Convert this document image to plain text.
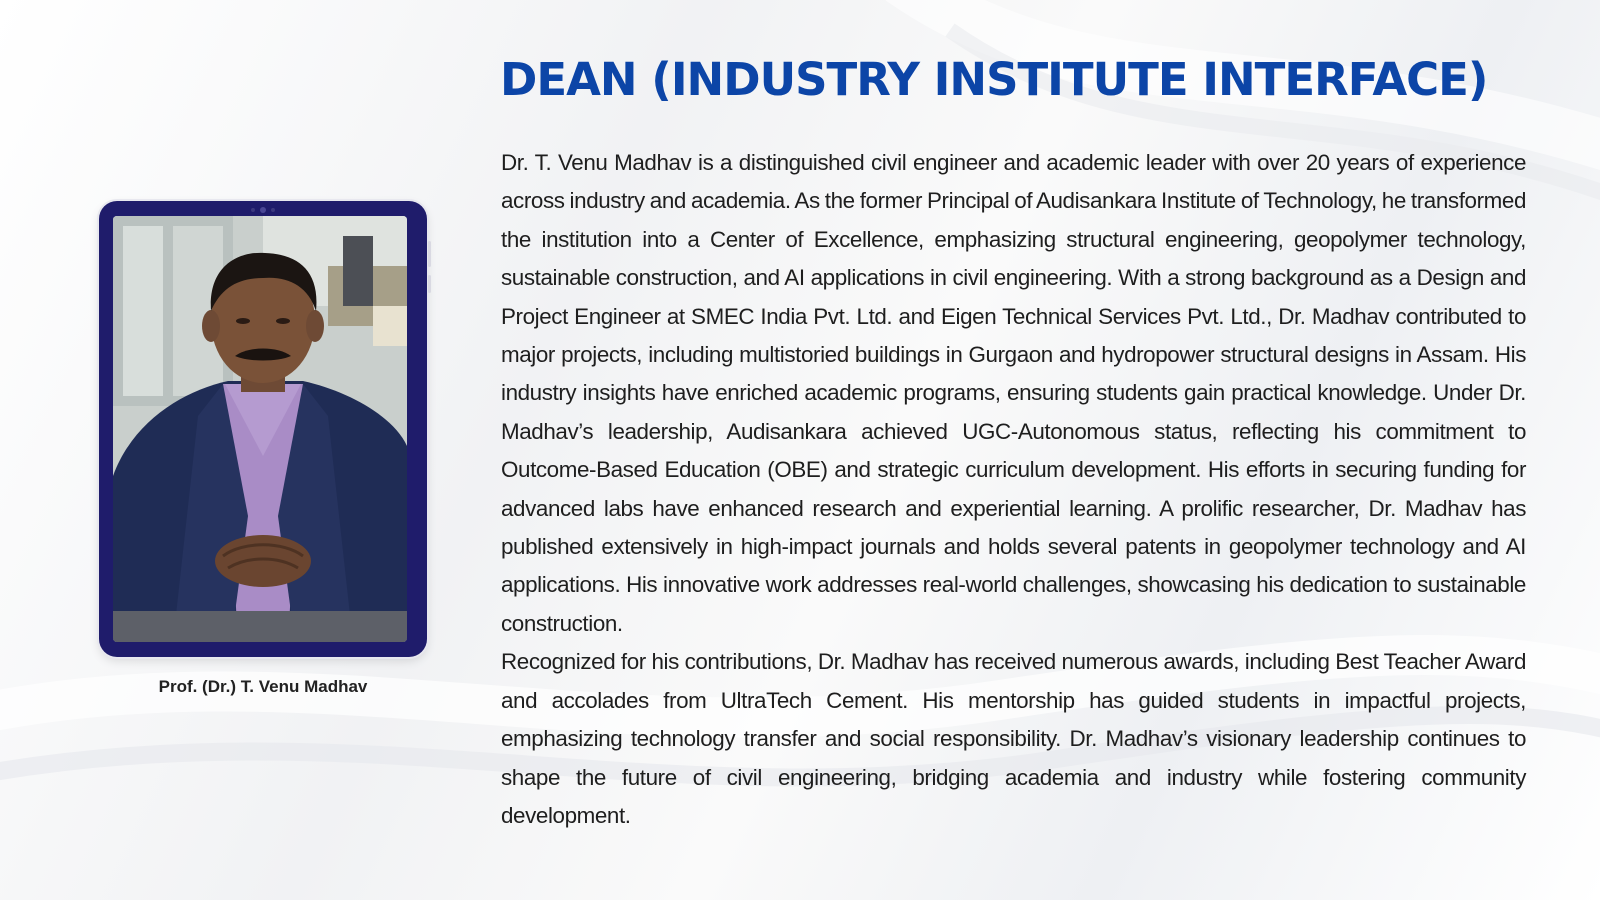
DEAN (INDUSTRY INSTITUTE INTERFACE)

Prof. (Dr.) T. Venu Madhav

Dr. T. Venu Madhav is a distinguished civil engineer and academic leader with over 20 years of experience across industry and academia. As the former Principal of Audisankara Institute of Technology, he transformed the institution into a Center of Excellence, emphasizing structural engineering, geopolymer technology, sustainable construction, and AI applications in civil engineering. With a strong background as a Design and Project Engineer at SMEC India Pvt. Ltd. and Eigen Technical Services Pvt. Ltd., Dr. Madhav contributed to major projects, including multistoried buildings in Gurgaon and hydropower structural designs in Assam. His industry insights have enriched academic programs, ensuring students gain practical knowledge. Under Dr. Madhav’s leadership, Audisankara achieved UGC-Autonomous status, reflecting his commitment to Outcome-Based Education (OBE) and strategic curriculum development. His efforts in securing funding for advanced labs have enhanced research and experiential learning. A prolific researcher, Dr. Madhav has published extensively in high-impact journals and holds several patents in geopolymer technology and AI applications. His innovative work addresses real-world challenges, showcasing his dedication to sustainable construction.

Recognized for his contributions, Dr. Madhav has received numerous awards, including Best Teacher Award and accolades from UltraTech Cement. His mentorship has guided students in impactful projects, emphasizing technology transfer and social responsibility. Dr. Madhav’s visionary leadership continues to shape the future of civil engineering, bridging academia and industry while fostering community development.
